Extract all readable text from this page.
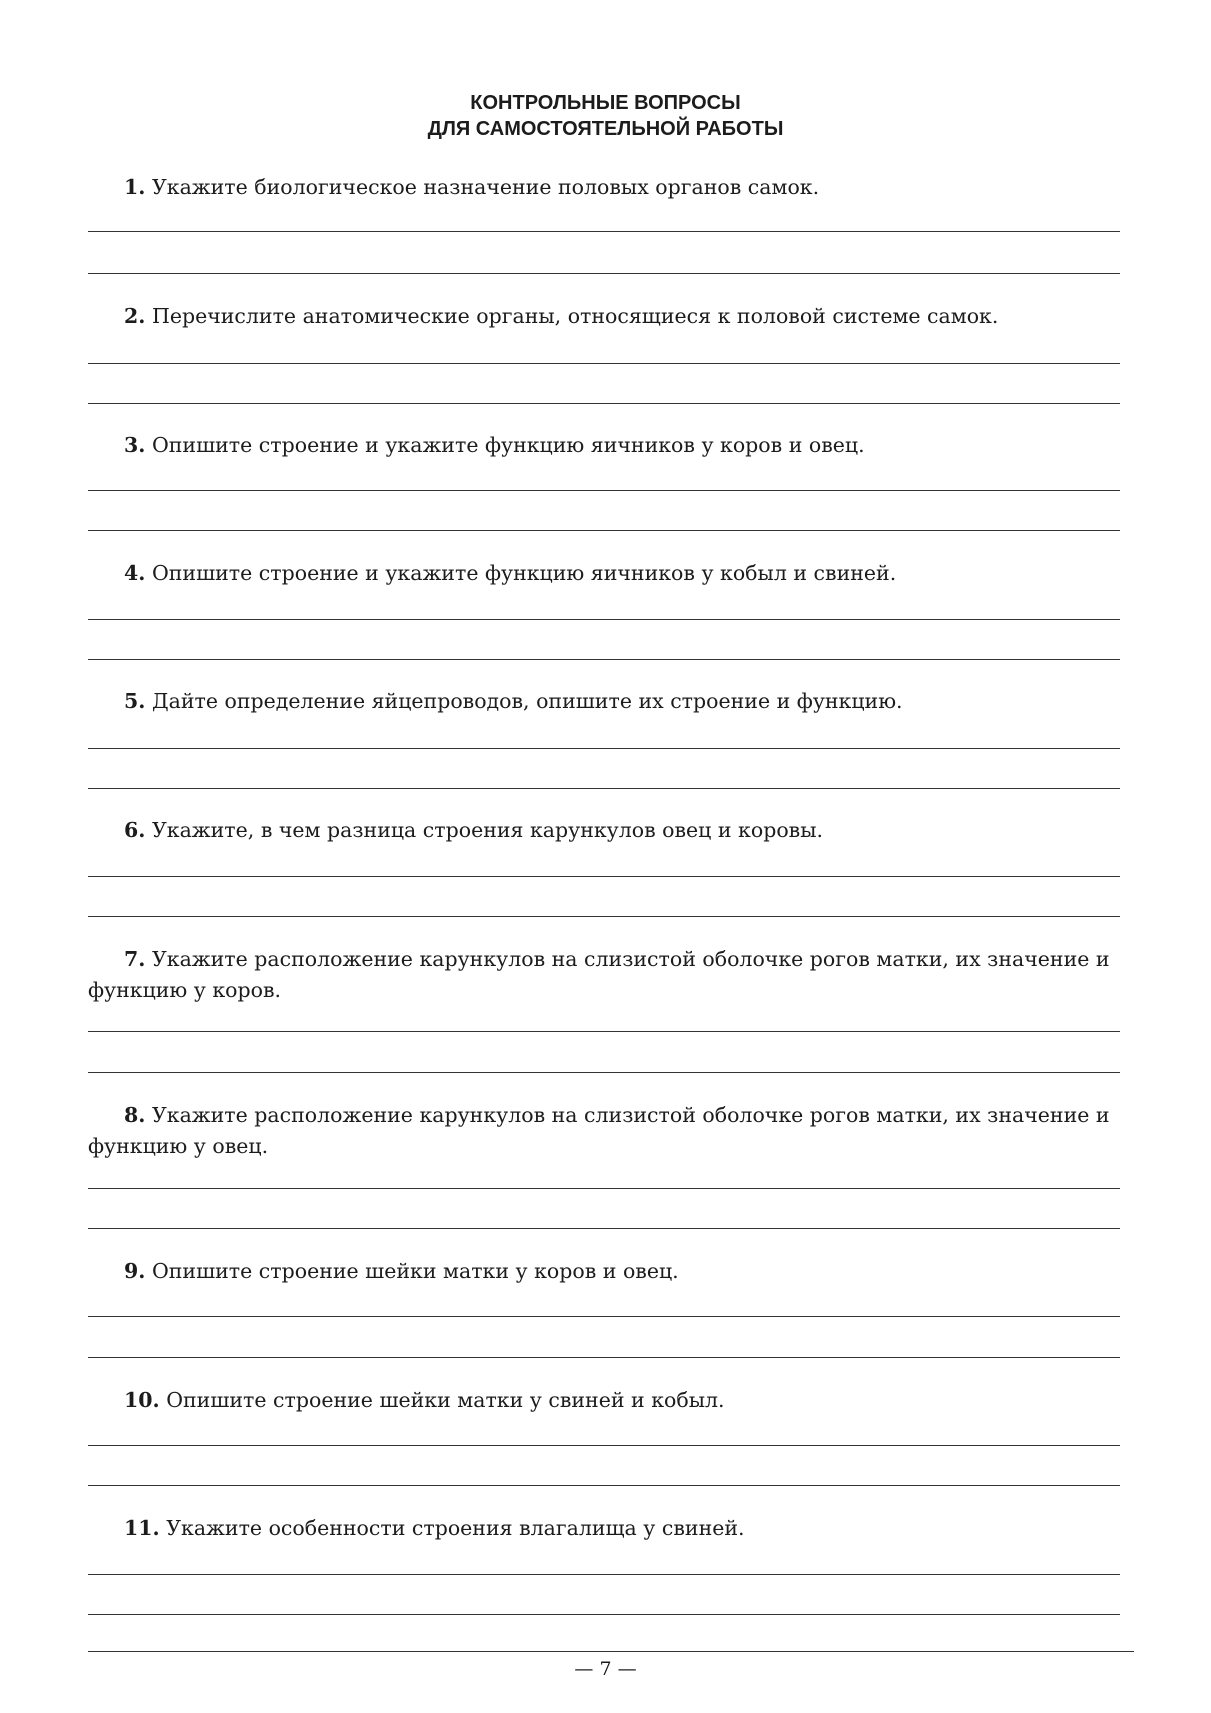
КОНТРОЛЬНЫЕ ВОПРОСЫ
ДЛЯ САМОСТОЯТЕЛЬНОЙ РАБОТЫ

1. Укажите биологическое назначение половых органов самок.

2. Перечислите анатомические органы, относящиеся к половой системе самок.

3. Опишите строение и укажите функцию яичников у коров и овец.

4. Опишите строение и укажите функцию яичников у кобыл и свиней.

5. Дайте определение яйцепроводов, опишите их строение и функцию.

6. Укажите, в чем разница строения карункулов овец и коровы.

7. Укажите расположение карункулов на слизистой оболочке рогов матки, их значение и функцию у коров.

8. Укажите расположение карункулов на слизистой оболочке рогов матки, их значение и функцию у овец.

9. Опишите строение шейки матки у коров и овец.

10. Опишите строение шейки матки у свиней и кобыл.

11. Укажите особенности строения влагалища у свиней.

— 7 —
